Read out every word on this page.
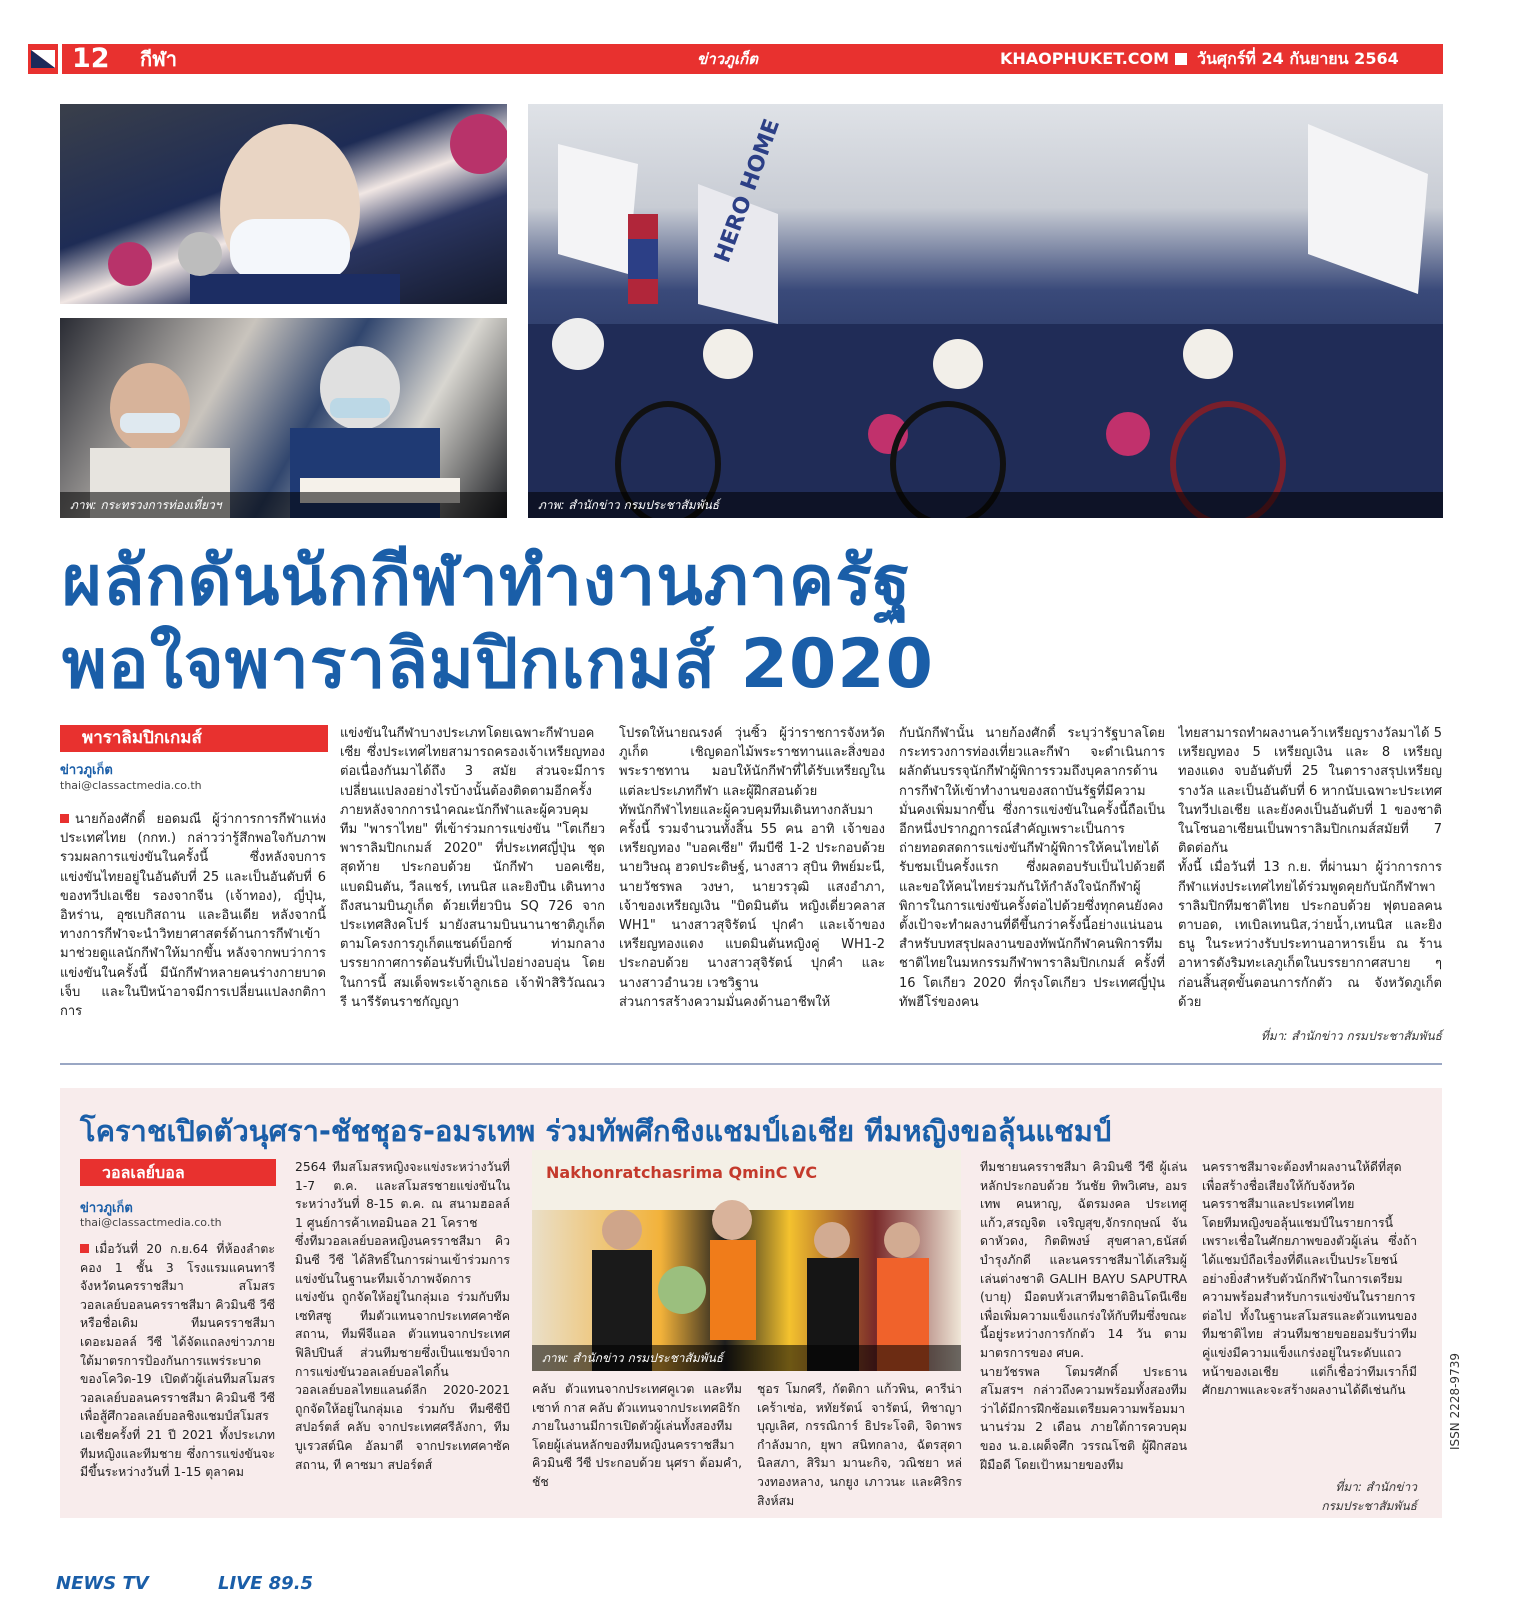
12	กีฬา	ข่าวภูเก็ต	KHAOPHUKET.COM วันศุกร์ที่ 24 กันยายน 2564
ภาพ: กระทรวงการท่องเที่ยวฯ
HERO HOME
ภาพ: สำนักข่าว กรมประชาสัมพันธ์
ผลักดันนักกีฬาทำงานภาครัฐ
พอใจพาราลิมปิกเกมส์ 2020
พาราลิมปิกเกมส์
ข่าวภูเก็ต
thai@classactmedia.co.th
นายก้องศักดิ์ ยอดมณี ผู้ว่าการการกีฬาแห่งประเทศไทย (กกท.) กล่าวว่ารู้สึกพอใจกับภาพรวมผลการแข่งขันในครั้งนี้ ซึ่งหลังจบการแข่งขันไทยอยู่ในอันดับที่ 25 และเป็นอันดับที่ 6 ของทวีปเอเชีย รองจากจีน (เจ้าทอง), ญี่ปุ่น, อิหร่าน, อุซเบกิสถาน และอินเดีย หลังจากนี้ทางการกีฬาจะนำวิทยาศาสตร์ด้านการกีฬาเข้ามาช่วยดูแลนักกีฬาให้มากขึ้น หลังจากพบว่าการแข่งขันในครั้งนี้ มีนักกีฬาหลายคนร่างกายบาดเจ็บ และในปีหน้าอาจมีการเปลี่ยนแปลงกติกาการ
แข่งขันในกีฬาบางประเภทโดยเฉพาะกีฬาบอคเซีย ซึ่งประเทศไทยสามารถครองเจ้าเหรียญทองต่อเนื่องกันมาได้ถึง 3 สมัย ส่วนจะมีการเปลี่ยนแปลงอย่างไรบ้างนั้นต้องติดตามอีกครั้ง
ภายหลังจากการนำคณะนักกีฬาและผู้ควบคุมทีม "พาราไทย" ที่เข้าร่วมการแข่งขัน "โตเกียวพาราลิมปิกเกมส์ 2020" ที่ประเทศญี่ปุ่น ชุดสุดท้าย ประกอบด้วย นักกีฬา บอคเซีย, แบดมินตัน, วีลแชร์, เทนนิส และยิงปืน เดินทางถึงสนามบินภูเก็ต ด้วยเที่ยวบิน SQ 726 จากประเทศสิงคโปร์ มายังสนามบินนานาชาติภูเก็ต ตามโครงการภูเก็ตแซนด์บ็อกซ์ ท่ามกลางบรรยากาศการต้อนรับที่เป็นไปอย่างอบอุ่น โดยในการนี้ สมเด็จพระเจ้าลูกเธอ เจ้าฟ้าสิริวัณณวรี นารีรัตนราชกัญญา
โปรดให้นายณรงค์ วุ่นซิ้ว ผู้ว่าราชการจังหวัดภูเก็ต เชิญดอกไม้พระราชทานและสิ่งของพระราชทาน มอบให้นักกีฬาที่ได้รับเหรียญในแต่ละประเภทกีฬา และผู้ฝึกสอนด้วย
ทัพนักกีฬาไทยและผู้ควบคุมทีมเดินทางกลับมาครั้งนี้ รวมจำนวนทั้งสิ้น 55 คน อาทิ เจ้าของเหรียญทอง "บอคเซีย" ทีมบีซี 1-2 ประกอบด้วย นายวิษณุ ฮวดประดิษฐ์, นางสาว สุบิน ทิพย์มะนี, นายวัชรพล วงษา, นายวรวุฒิ แสงอำภา, เจ้าของเหรียญเงิน "บิดมินตัน หญิงเดี่ยวคลาส WH1" นางสาวสุจิรัตน์ ปุกคำ และเจ้าของเหรียญทองแดง แบดมินตันหญิงคู่ WH1-2 ประกอบด้วย นางสาวสุจิรัตน์ ปุกคำ และนางสาวอำนวย เวชวิฐาน
ส่วนการสร้างความมั่นคงด้านอาชีพให้
กับนักกีฬานั้น นายก้องศักดิ์ ระบุว่ารัฐบาลโดยกระทรวงการท่องเที่ยวและกีฬา จะดำเนินการผลักดันบรรจุนักกีฬาผู้พิการรวมถึงบุคลากรด้านการกีฬาให้เข้าทำงานของสถาบันรัฐที่มีความมั่นคงเพิ่มมากขึ้น ซึ่งการแข่งขันในครั้งนี้ถือเป็นอีกหนึ่งปรากฏการณ์สำคัญเพราะเป็นการถ่ายทอดสดการแข่งขันกีฬาผู้พิการให้คนไทยได้รับชมเป็นครั้งแรก ซึ่งผลตอบรับเป็นไปด้วยดี และขอให้คนไทยร่วมกันให้กำลังใจนักกีฬาผู้พิการในการแข่งขันครั้งต่อไปด้วยซึ่งทุกคนยังคงตั้งเป้าจะทำผลงานที่ดีขึ้นกว่าครั้งนี้อย่างแน่นอน
สำหรับบทสรุปผลงานของทัพนักกีฬาคนพิการทีมชาติไทยในมหกรรมกีฬาพาราลิมปิกเกมส์ ครั้งที่ 16 โตเกียว 2020 ที่กรุงโตเกียว ประเทศญี่ปุ่น ทัพฮีโร่ของคน
ไทยสามารถทำผลงานคว้าเหรียญรางวัลมาได้ 5 เหรียญทอง 5 เหรียญเงิน และ 8 เหรียญทองแดง จบอันดับที่ 25 ในตารางสรุปเหรียญรางวัล และเป็นอันดับที่ 6 หากนับเฉพาะประเทศในทวีปเอเชีย และยังคงเป็นอันดับที่ 1 ของชาติในโซนอาเซียนเป็นพาราลิมปิกเกมส์สมัยที่ 7 ติดต่อกัน
ทั้งนี้ เมื่อวันที่ 13 ก.ย. ที่ผ่านมา ผู้ว่าการการกีฬาแห่งประเทศไทยได้ร่วมพูดคุยกับนักกีฬาพาราลิมปิกทีมชาติไทย ประกอบด้วย ฟุตบอลคนตาบอด, เทเบิลเทนนิส,ว่ายน้ำ,เทนนิส และยิงธนู ในระหว่างรับประทานอาหารเย็น ณ ร้านอาหารดังริมทะเลภูเก็ตในบรรยากาศสบาย ๆ ก่อนสิ้นสุดขั้นตอนการกักตัว ณ จังหวัดภูเก็ตด้วย
ที่มา: สำนักข่าว กรมประชาสัมพันธ์
โคราชเปิดตัวนุศรา-ชัชชุอร-อมรเทพ ร่วมทัพศึกชิงแชมป์เอเชีย ทีมหญิงขอลุ้นแชมป์
วอลเลย์บอล
ข่าวภูเก็ต
thai@classactmedia.co.th
เมื่อวันที่ 20 ก.ย.64 ที่ห้องลำตะคอง 1 ชั้น 3 โรงแรมแคนทารี จังหวัดนครราชสีมา สโมสรวอลเลย์บอลนครราชสีมา คิวมินซี วีซี หรือชื่อเดิม ทีมนครราชสีมาเดอะมอลล์ วีซี ได้จัดแถลงข่าวภายใต้มาตรการป้องกันการแพร่ระบาดของโควิด-19 เปิดตัวผู้เล่นทีมสโมสรวอลเลย์บอลนครราชสีมา คิวมินซี วีซี เพื่อสู้ศึกวอลเลย์บอลชิงแชมป์สโมสรเอเชียครั้งที่ 21 ปี 2021 ทั้งประเภททีมหญิงและทีมชาย ซึ่งการแข่งขันจะมีขึ้นระหว่างวันที่ 1-15 ตุลาคม
2564 ทีมสโมสรหญิงจะแข่งระหว่างวันที่ 1-7 ต.ค. และสโมสรชายแข่งขันในระหว่างวันที่ 8-15 ต.ค. ณ สนามฮอลล์ 1 ศูนย์การค้าเทอมินอล 21 โคราช
ซึ่งทีมวอลเลย์บอลหญิงนครราชสีมา คิวมินซี วีซี ได้สิทธิ์ในการผ่านเข้าร่วมการแข่งขันในฐานะทีมเจ้าภาพจัดการแข่งขัน ถูกจัดให้อยู่ในกลุ่มเอ ร่วมกับทีมเซทิสซู ทีมตัวแทนจากประเทศคาซัคสถาน, ทีมพีจีแอล ตัวแทนจากประเทศฟิลิปปินส์ ส่วนทีมชายซึ่งเป็นแชมป์จากการแข่งขันวอลเลย์บอลไดกิ้น วอลเลย์บอลไทยแลนด์ลีก 2020-2021 ถูกจัดให้อยู่ในกลุ่มเอ ร่วมกับ ทีมซีซีบี สปอร์ตส์ คลับ จากประเทศศรีลังกา, ทีมบูเรวสต์นิค อัลมาตี จากประเทศคาซัคสถาน, ที คาซมา สปอร์ตส์
Nakhonratchasrima QminC VC
ภาพ: สำนักข่าว กรมประชาสัมพันธ์
คลับ ตัวแทนจากประเทศคูเวต และทีมเซาท์ กาส คลับ ตัวแทนจากประเทศอิรัก
ภายในงานมีการเปิดตัวผู้เล่นทั้งสองทีม โดยผู้เล่นหลักของทีมหญิงนครราชสีมา คิวมินซี วีซี ประกอบด้วย นุศรา ต้อมคำ, ชัช
ชุอร โมกศรี, กัตติกา แก้วพิน, คารีน่า เคร้าเซ่อ, หทัยรัตน์ จารัตน์, ทิชาญา บุญเลิศ, กรรณิการ์ ธิประโจติ, จิดาพร กำลังมาก, ยุพา สนิทกลาง, ฉัตรสุดา นิลสภา, สิริมา มานะกิจ, วณิชยา หล่วงทองหลาง, นกยูง เภาวนะ และศิริกร สิงห์สม
ทีมชายนครราชสีมา คิวมินซี วีซี ผู้เล่นหลักประกอบด้วย วันชัย ทิพวิเศษ, อมรเทพ คนหาญ, ฉัตรมงคล ประเทศูแก้ว,สรญจิต เจริญสุข,จักรกฤษณ์ จันดาหัวดง, กิตติพงษ์ สุขศาลา,ธนัสต์ บำรุงภักดี และนครราชสีมาได้เสริมผู้เล่นต่างชาติ GALIH BAYU SAPUTRA (บายุ) มือตบหัวเสาทีมชาติอินโดนีเซีย เพื่อเพิ่มความแข็งแกร่งให้กับทีมซึ่งขณะนี้อยู่ระหว่างการกักตัว 14 วัน ตามมาตรการของ ศบค.
นายวัชรพล โตมรศักดิ์ ประธานสโมสรฯ กล่าวถึงความพร้อมทั้งสองทีมว่าได้มีการฝึกซ้อมเตรียมความพร้อมมานานร่วม 2 เดือน ภายใต้การควบคุมของ น.อ.เผด็จศึก วรรณโชติ ผู้ฝึกสอนฝีมือดี โดยเป้าหมายของทีม
นครราชสีมาจะต้องทำผลงานให้ดีที่สุดเพื่อสร้างชื่อเสียงให้กับจังหวัดนครราชสีมาและประเทศไทย
โดยทีมหญิงขอลุ้นแชมป์ในรายการนี้ เพราะเชื่อในศักยภาพของตัวผู้เล่น ซึ่งถ้าได้แชมป์ถือเรื่องที่ดีและเป็นประโยชน์อย่างยิ่งสำหรับตัวนักกีฬาในการเตรียมความพร้อมสำหรับการแข่งขันในรายการต่อไป ทั้งในฐานะสโมสรและตัวแทนของทีมชาติไทย ส่วนทีมชายขอยอมรับว่าทีมคู่แข่งมีความแข็งแกร่งอยู่ในระดับแถวหน้าของเอเชีย แต่ก็เชื่อว่าทีมเราก็มีศักยภาพและจะสร้างผลงานได้ดีเช่นกัน
ที่มา: สำนักข่าว
กรมประชาสัมพันธ์
NEWS TV	LIVE 89.5
ISSN 2228-9739
